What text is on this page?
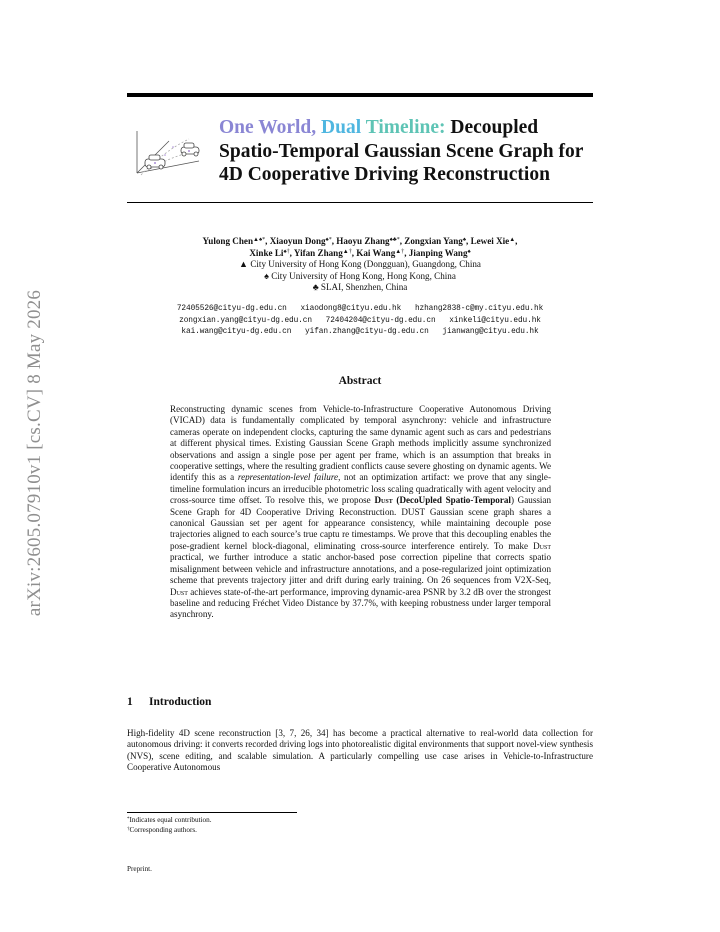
arXiv:2605.07910v1 [cs.CV] 8 May 2026
One World, Dual Timeline: Decoupled Spatio-Temporal Gaussian Scene Graph for 4D Cooperative Driving Reconstruction
Yulong Chen▲♠*, Xiaoyun Dong♠*, Haoyu Zhang♠♣*, Zongxian Yang♠, Lewei Xie▲,
Xinke Li♠†, Yifan Zhang▲†, Kai Wang▲†, Jianping Wang♠
▲ City University of Hong Kong (Dongguan), Guangdong, China
♠ City University of Hong Kong, Hong Kong, China
♣ SLAI, Shenzhen, China
72405526@cityu-dg.edu.cn   xiaodong8@cityu.edu.hk   hzhang2838-c@my.cityu.edu.hk
zongxian.yang@cityu-dg.edu.cn   72404204@cityu-dg.edu.cn   xinkeli@cityu.edu.hk
kai.wang@cityu-dg.edu.cn   yifan.zhang@cityu-dg.edu.cn   jianwang@cityu.edu.hk
Abstract
Reconstructing dynamic scenes from Vehicle-to-Infrastructure Cooperative Autonomous Driving (VICAD) data is fundamentally complicated by temporal asynchrony: vehicle and infrastructure cameras operate on independent clocks, capturing the same dynamic agent such as cars and pedestrians at different physical times. Existing Gaussian Scene Graph methods implicitly assume synchronized observations and assign a single pose per agent per frame, which is an assumption that breaks in cooperative settings, where the resulting gradient conflicts cause severe ghosting on dynamic agents. We identify this as a representation-level failure, not an optimization artifact: we prove that any single-timeline formulation incurs an irreducible photometric loss scaling quadratically with agent velocity and cross-source time offset. To resolve this, we propose Dust (DecoUpled Spatio-Temporal) Gaussian Scene Graph for 4D Cooperative Driving Reconstruction. DUST Gaussian scene graph shares a canonical Gaussian set per agent for appearance consistency, while maintaining decouple pose trajectories aligned to each source’s true captu re timestamps. We prove that this decoupling enables the pose-gradient kernel block-diagonal, eliminating cross-source interference entirely. To make Dust practical, we further introduce a static anchor-based pose correction pipeline that corrects spatio misalignment between vehicle and infrastructure annotations, and a pose-regularized joint optimization scheme that prevents trajectory jitter and drift during early training. On 26 sequences from V2X-Seq, Dust achieves state-of-the-art performance, improving dynamic-area PSNR by 3.2 dB over the strongest baseline and reducing Fréchet Video Distance by 37.7%, with keeping robustness under larger temporal asynchrony.
1 Introduction
High-fidelity 4D scene reconstruction [3, 7, 26, 34] has become a practical alternative to real-world data collection for autonomous driving: it converts recorded driving logs into photorealistic digital environments that support novel-view synthesis (NVS), scene editing, and scalable simulation. A particularly compelling use case arises in Vehicle-to-Infrastructure Cooperative Autonomous
*Indicates equal contribution.
†Corresponding authors.
Preprint.
